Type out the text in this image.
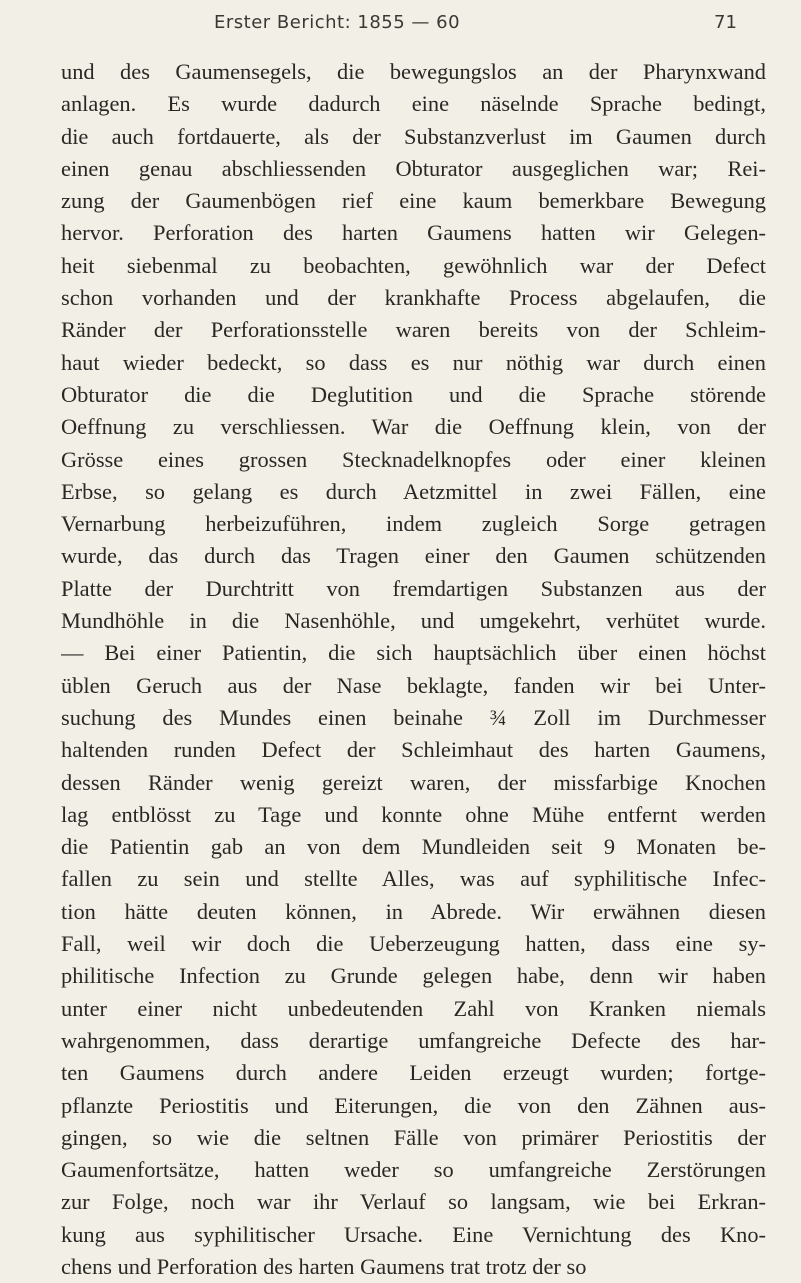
Erster Bericht: 1855 — 60	71
und des Gaumensegels, die bewegungslos an der Pharynxwand
anlagen. Es wurde dadurch eine näselnde Sprache bedingt,
die auch fortdauerte, als der Substanzverlust im Gaumen durch
einen genau abschliessenden Obturator ausgeglichen war; Rei-
zung der Gaumenbögen rief eine kaum bemerkbare Bewegung
hervor. Perforation des harten Gaumens hatten wir Gelegen-
heit siebenmal zu beobachten, gewöhnlich war der Defect
schon vorhanden und der krankhafte Process abgelaufen, die
Ränder der Perforationsstelle waren bereits von der Schleim-
haut wieder bedeckt, so dass es nur nöthig war durch einen
Obturator die die Deglutition und die Sprache störende
Oeffnung zu verschliessen. War die Oeffnung klein, von der
Grösse eines grossen Stecknadelknopfes oder einer kleinen
Erbse, so gelang es durch Aetzmittel in zwei Fällen, eine
Vernarbung herbeizuführen, indem zugleich Sorge getragen
wurde, das durch das Tragen einer den Gaumen schützenden
Platte der Durchtritt von fremdartigen Substanzen aus der
Mundhöhle in die Nasenhöhle, und umgekehrt, verhütet wurde.
— Bei einer Patientin, die sich hauptsächlich über einen höchst
üblen Geruch aus der Nase beklagte, fanden wir bei Unter-
suchung des Mundes einen beinahe ¾ Zoll im Durchmesser
haltenden runden Defect der Schleimhaut des harten Gaumens,
dessen Ränder wenig gereizt waren, der missfarbige Knochen
lag entblösst zu Tage und konnte ohne Mühe entfernt werden
die Patientin gab an von dem Mundleiden seit 9 Monaten be-
fallen zu sein und stellte Alles, was auf syphilitische Infec-
tion hätte deuten können, in Abrede. Wir erwähnen diesen
Fall, weil wir doch die Ueberzeugung hatten, dass eine sy-
philitische Infection zu Grunde gelegen habe, denn wir haben
unter einer nicht unbedeutenden Zahl von Kranken niemals
wahrgenommen, dass derartige umfangreiche Defecte des har-
ten Gaumens durch andere Leiden erzeugt wurden; fortge-
pflanzte Periostitis und Eiterungen, die von den Zähnen aus-
gingen, so wie die seltnen Fälle von primärer Periostitis der
Gaumenfortsätze, hatten weder so umfangreiche Zerstörungen
zur Folge, noch war ihr Verlauf so langsam, wie bei Erkran-
kung aus syphilitischer Ursache. Eine Vernichtung des Kno-
chens und Perforation des harten Gaumens trat trotz der so
